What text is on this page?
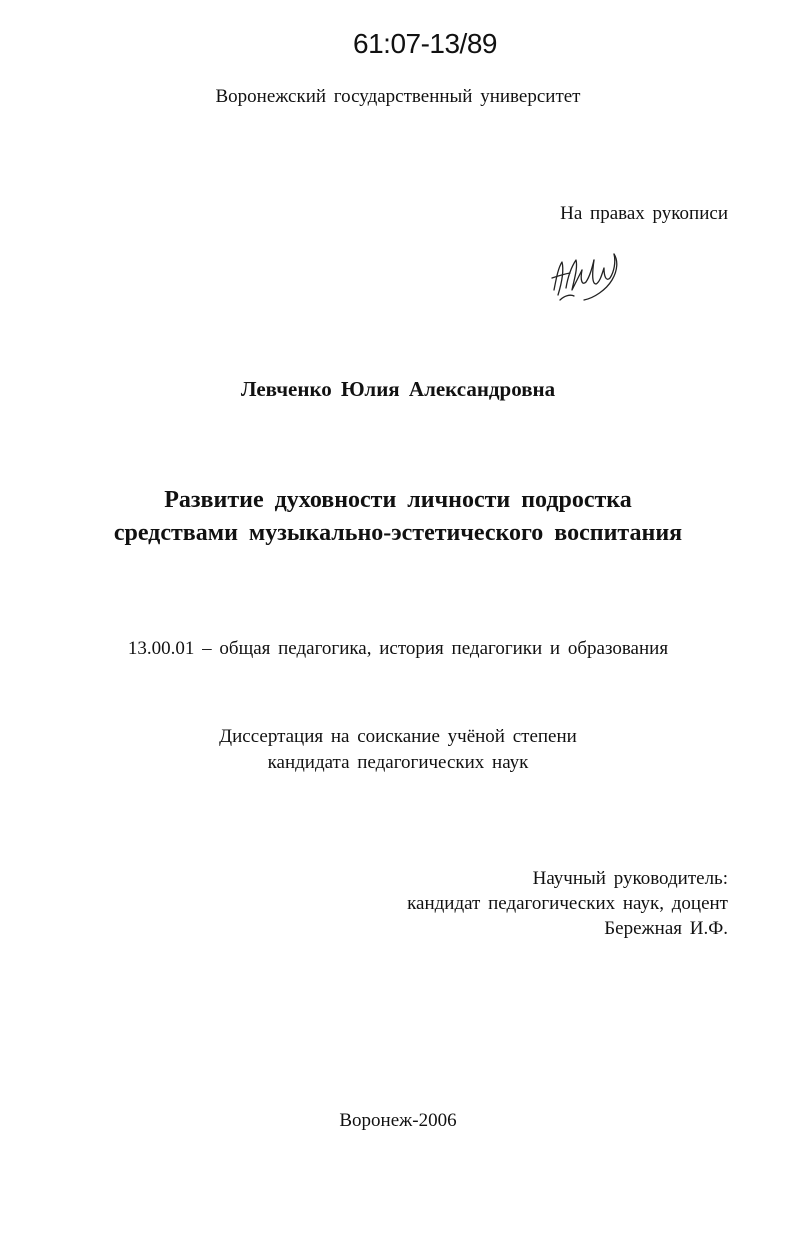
61:07-13/89
Воронежский государственный университет
На правах рукописи
Левченко Юлия Александровна
Развитие духовности личности подростка
средствами музыкально-эстетического воспитания
13.00.01 – общая педагогика, история педагогики и образования
Диссертация на соискание учёной степени
кандидата педагогических наук
Научный руководитель:
кандидат педагогических наук, доцент
Бережная И.Ф.
Воронеж-2006
